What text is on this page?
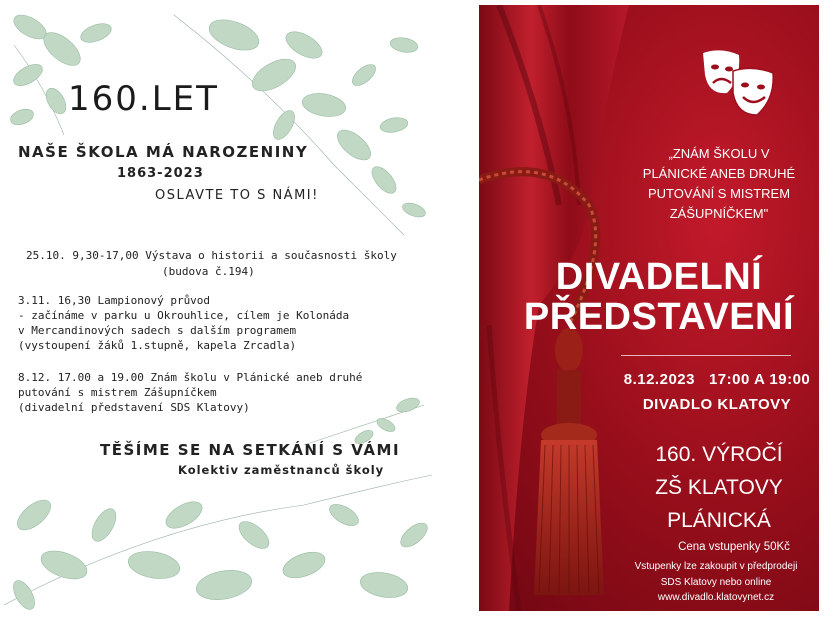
160.LET
NAŠE ŠKOLA MÁ NAROZENINY
1863-2023
OSLAVTE TO S NÁMI!
25.10. 9,30-17,00 Výstava o historii a současnosti školy
(budova č.194)
3.11. 16,30 Lampionový průvod
- začínáme v parku u Okrouhlice, cílem je Kolonáda
v Mercandinových sadech s dalším programem
(vystoupení žáků 1.stupně, kapela Zrcadla)
8.12. 17.00 a 19.00 Znám školu v Plánické aneb druhé
putování s mistrem Zášupníčkem
(divadelní představení SDS Klatovy)
TĚŠÍME SE NA SETKÁNÍ S VÁMI
Kolektiv zaměstnanců školy
„ZNÁM ŠKOLU V
PLÁNICKÉ ANEB DRUHÉ
PUTOVÁNÍ S MISTREM
ZÁŠUPNÍČKEM"
DIVADELNÍ
PŘEDSTAVENÍ
8.12.2023   17:00 A 19:00
DIVADLO KLATOVY
160. VÝROČÍ
ZŠ KLATOVY
PLÁNICKÁ
Cena vstupenky 50Kč
Vstupenky lze zakoupit v předprodeji
SDS Klatovy nebo online
www.divadlo.klatovynet.cz
